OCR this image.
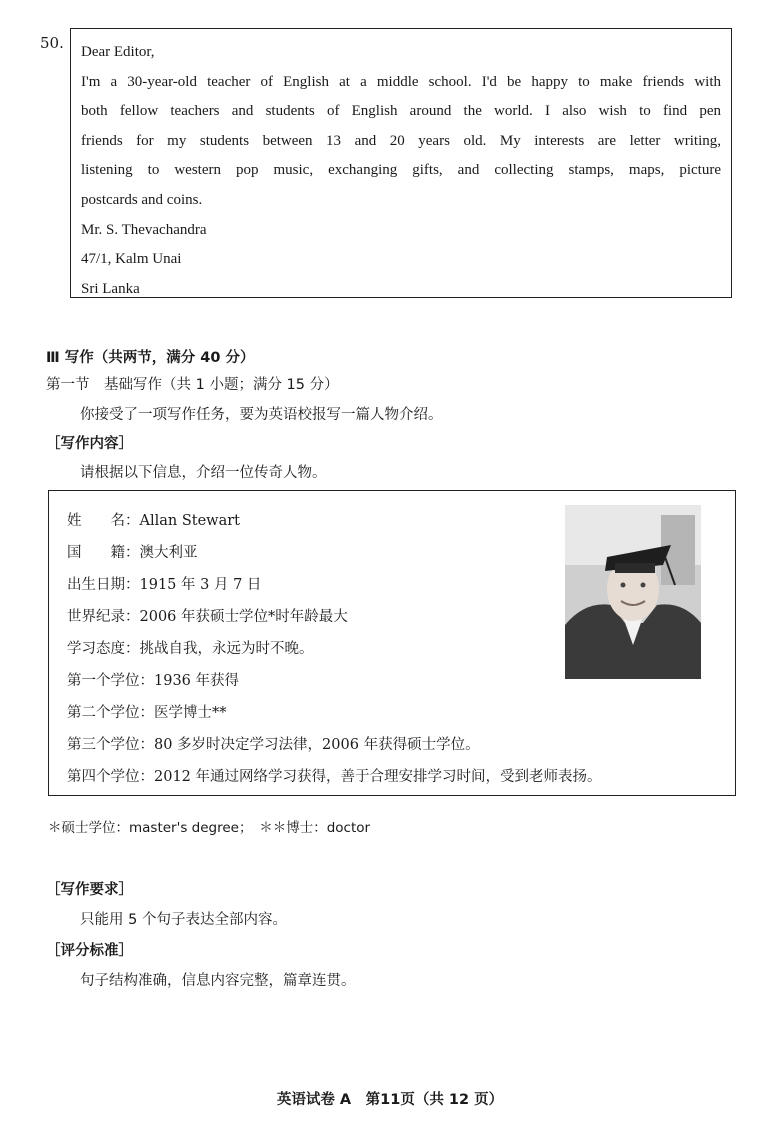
50. Dear Editor,

I'm a 30-year-old teacher of English at a middle school. I'd be happy to make friends with

both fellow teachers and students of English around the world. I also wish to find pen

friends for my students between 13 and 20 years old. My interests are letter writing,

listening to western pop music, exchanging gifts, and collecting stamps, maps, picture

postcards and coins.

Mr. S. Thevachandra

47/1, Kalm Unai

Sri Lanka

Ⅲ 写作（共两节，满分 40 分）
第一节　基础写作（共 1 小题；满分 15 分）
你接受了一项写作任务，要为英语校报写一篇人物介绍。
［写作内容］
请根据以下信息，介绍一位传奇人物。
姓　　名：Allan Stewart
国　　籍：澳大利亚
出生日期：1915 年 3 月 7 日
世界纪录：2006 年获硕士学位*时年龄最大
学习态度：挑战自我，永远为时不晚。
第一个学位：1936 年获得
第二个学位：医学博士**
第三个学位：80 多岁时决定学习法律，2006 年获得硕士学位。
第四个学位：2012 年通过网络学习获得，善于合理安排学习时间，受到老师表扬。
＊硕士学位：master's degree；　＊＊博士：doctor
［写作要求］
只能用 5 个句子表达全部内容。
［评分标准］
句子结构准确，信息内容完整，篇章连贯。
英语试卷 A　第11页（共 12 页）
